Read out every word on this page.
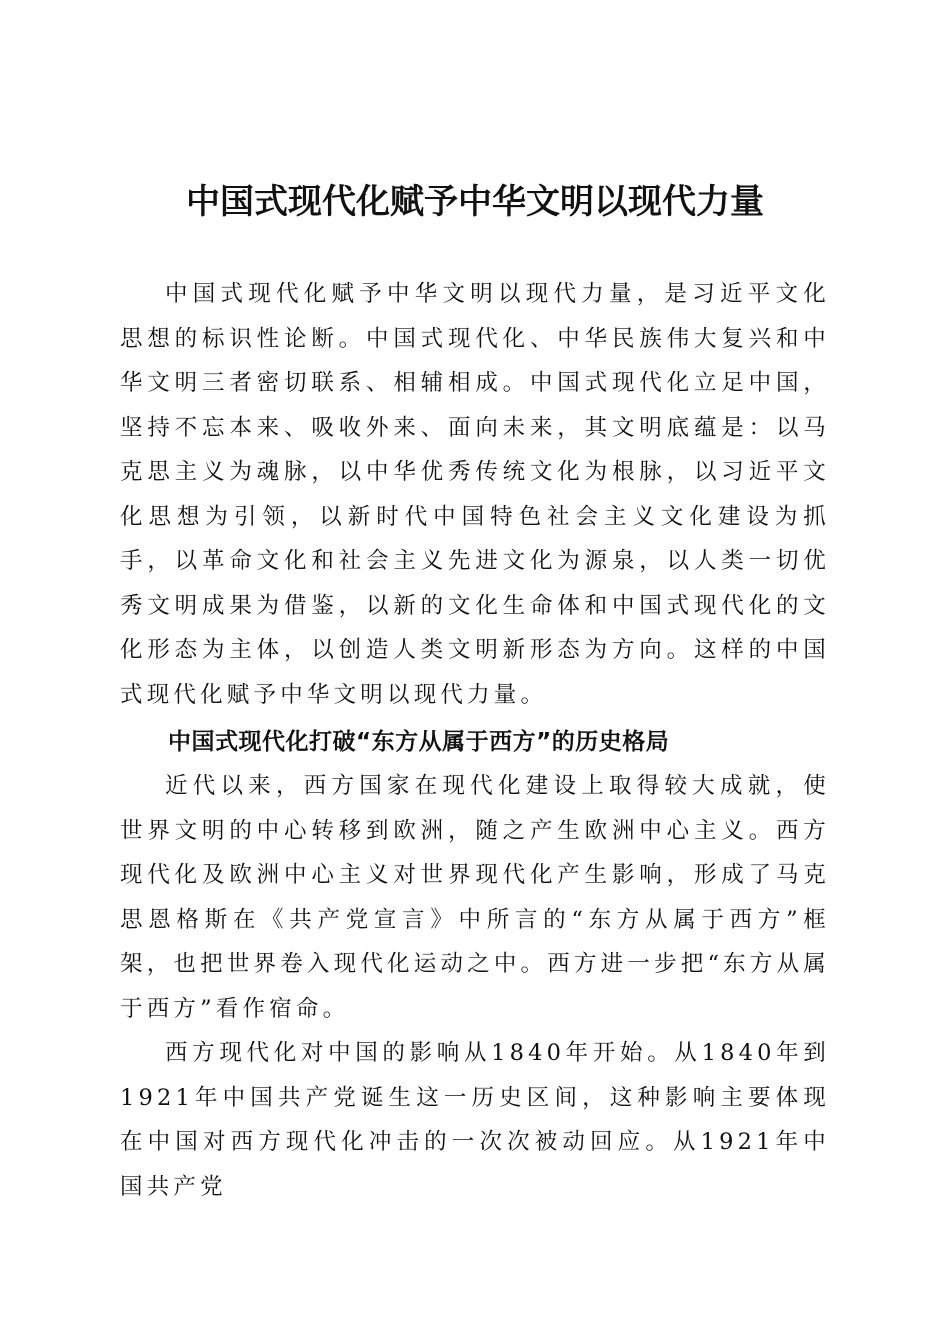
中国式现代化赋予中华文明以现代力量

中国式现代化赋予中华文明以现代力量，是习近平文化思想的标识性论断。中国式现代化、中华民族伟大复兴和中华文明三者密切联系、相辅相成。中国式现代化立足中国，坚持不忘本来、吸收外来、面向未来，其文明底蕴是：以马克思主义为魂脉，以中华优秀传统文化为根脉，以习近平文化思想为引领，以新时代中国特色社会主义文化建设为抓手，以革命文化和社会主义先进文化为源泉，以人类一切优秀文明成果为借鉴，以新的文化生命体和中国式现代化的文化形态为主体，以创造人类文明新形态为方向。这样的中国式现代化赋予中华文明以现代力量。

中国式现代化打破“东方从属于西方”的历史格局

近代以来，西方国家在现代化建设上取得较大成就，使世界文明的中心转移到欧洲，随之产生欧洲中心主义。西方现代化及欧洲中心主义对世界现代化产生影响，形成了马克思恩格斯在《共产党宣言》中所言的“东方从属于西方”框架，也把世界卷入现代化运动之中。西方进一步把“东方从属于西方”看作宿命。

西方现代化对中国的影响从1840年开始。从1840年到1921年中国共产党诞生这一历史区间，这种影响主要体现在中国对西方现代化冲击的一次次被动回应。从1921年中国共产党
